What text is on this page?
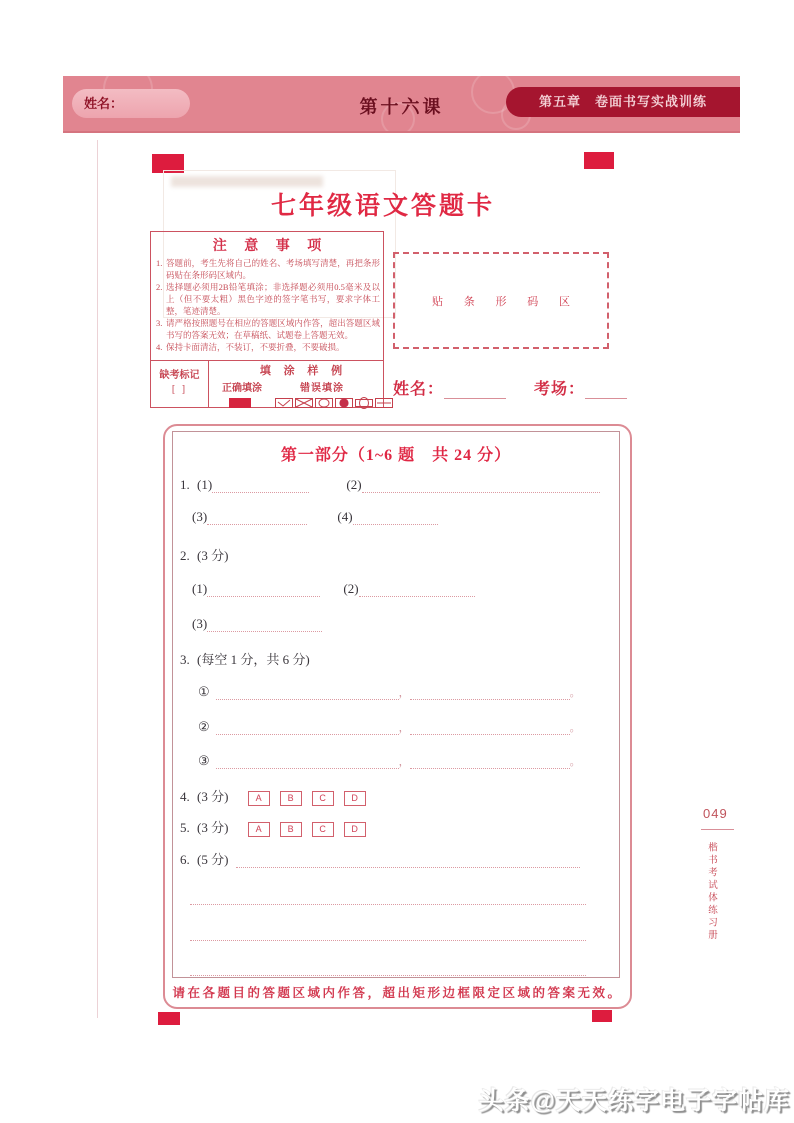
姓名：	第十六课	第五章　卷面书写实战训练
七年级语文答题卡
注 意 事 项
1. 答题前，考生先将自己的姓名、考场填写清楚，再把条形码贴在条形码区域内。
2. 选择题必须用2B铅笔填涂；非选择题必须用0.5毫米及以上（但不要太粗）黑色字迹的签字笔书写，要求字体工整，笔迹清楚。
3. 请严格按照题号在相应的答题区域内作答，超出答题区域书写的答案无效；在草稿纸、试题卷上答题无效。
4. 保持卡面清洁，不装订，不要折叠，不要破损。
缺考标记
[ ]
填 涂 样 例
正确填涂	错误填涂
贴 条 形 码 区
姓名：	考场：
第一部分（1~6 题　共 24 分）
1. (1)	(2)
(3)	(4)
2. (3 分)
(1)	(2)
(3)
3. (每空 1 分，共 6 分)
①	，	。
②	，	。
③	，	。
4. (3 分)	A	B	C	D
5. (3 分)	A	B	C	D
6. (5 分)
请在各题目的答题区域内作答，超出矩形边框限定区域的答案无效。
049
楷书考试体练习册
头条@天天练字电子字帖库
